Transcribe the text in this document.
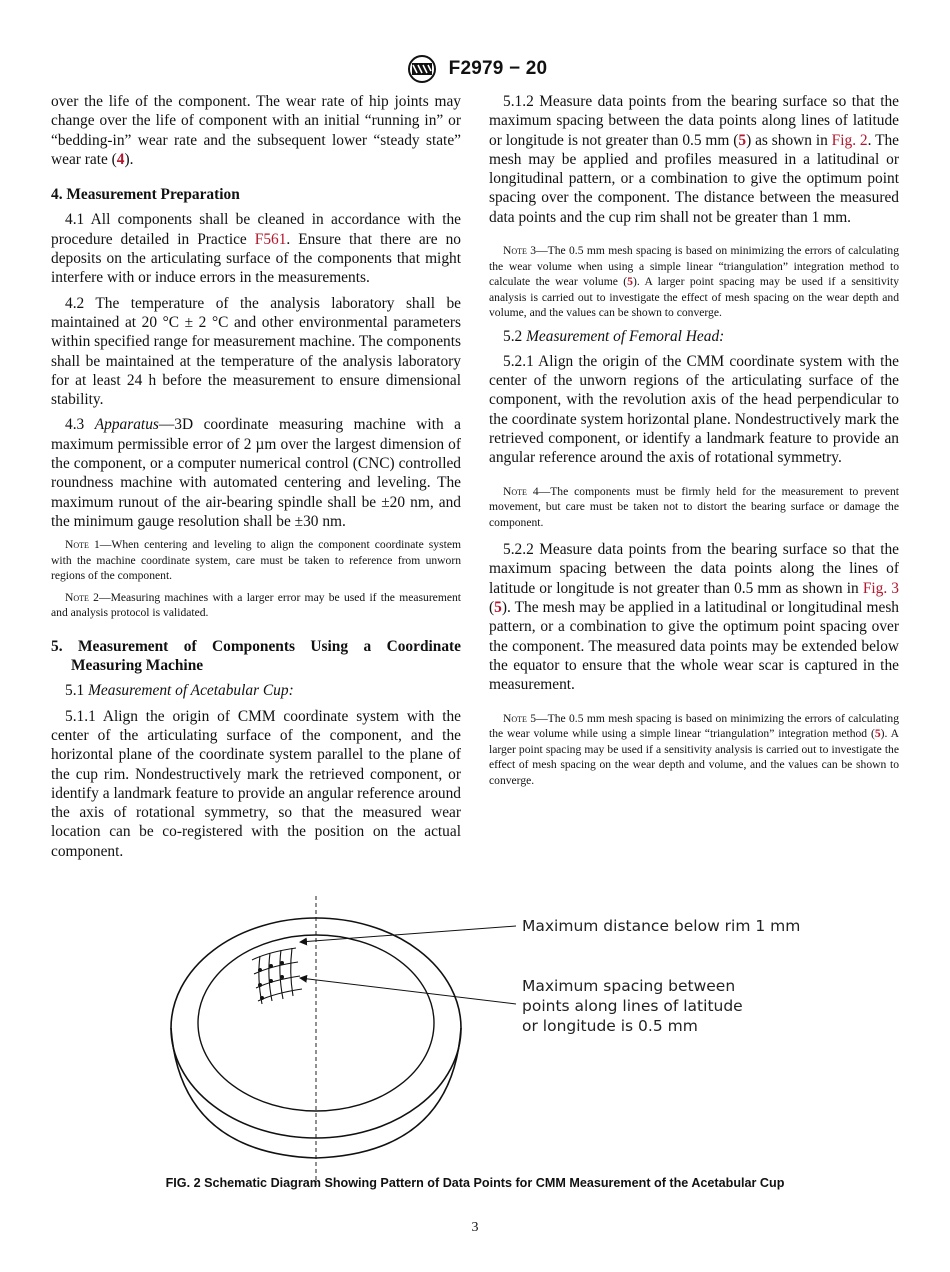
F2979 − 20

over the life of the component. The wear rate of hip joints may change over the life of component with an initial “running in” or “bedding-in” wear rate and the subsequent lower “steady state” wear rate (4).

4. Measurement Preparation

4.1 All components shall be cleaned in accordance with the procedure detailed in Practice F561. Ensure that there are no deposits on the articulating surface of the components that might interfere with or induce errors in the measurements.

4.2 The temperature of the analysis laboratory shall be maintained at 20 °C ± 2 °C and other environmental parameters within specified range for measurement machine. The components shall be maintained at the temperature of the analysis laboratory for at least 24 h before the measurement to ensure dimensional stability.

4.3 Apparatus—3D coordinate measuring machine with a maximum permissible error of 2 µm over the largest dimension of the component, or a computer numerical control (CNC) controlled roundness machine with automated centering and leveling. The maximum runout of the air-bearing spindle shall be ±20 nm, and the minimum gauge resolution shall be ±30 nm.

Note 1—When centering and leveling to align the component coordinate system with the machine coordinate system, care must be taken to reference from unworn regions of the component.

Note 2—Measuring machines with a larger error may be used if the measurement and analysis protocol is validated.

5. Measurement of Components Using a Coordinate Measuring Machine

5.1 Measurement of Acetabular Cup:

5.1.1 Align the origin of CMM coordinate system with the center of the articulating surface of the component, and the horizontal plane of the coordinate system parallel to the plane of the cup rim. Nondestructively mark the retrieved component, or identify a landmark feature to provide an angular reference around the axis of rotational symmetry, so that the measured wear location can be co-registered with the position on the actual component.

5.1.2 Measure data points from the bearing surface so that the maximum spacing between the data points along lines of latitude or longitude is not greater than 0.5 mm (5) as shown in Fig. 2. The mesh may be applied and profiles measured in a latitudinal or longitudinal pattern, or a combination to give the optimum point spacing over the component. The distance between the measured data points and the cup rim shall not be greater than 1 mm.

Note 3—The 0.5 mm mesh spacing is based on minimizing the errors of calculating the wear volume when using a simple linear “triangulation” integration method to calculate the wear volume (5). A larger point spacing may be used if a sensitivity analysis is carried out to investigate the effect of mesh spacing on the wear depth and volume, and the values can be shown to converge.

5.2 Measurement of Femoral Head:

5.2.1 Align the origin of the CMM coordinate system with the center of the unworn regions of the articulating surface of the component, with the revolution axis of the head perpendicular to the coordinate system horizontal plane. Nondestructively mark the retrieved component, or identify a landmark feature to provide an angular reference around the axis of rotational symmetry.

Note 4—The components must be firmly held for the measurement to prevent movement, but care must be taken not to distort the bearing surface or damage the component.

5.2.2 Measure data points from the bearing surface so that the maximum spacing between the data points along the lines of latitude or longitude is not greater than 0.5 mm as shown in Fig. 3 (5). The mesh may be applied in a latitudinal or longitudinal mesh pattern, or a combination to give the optimum point spacing over the component. The measured data points may be extended below the equator to ensure that the whole wear scar is captured in the measurement.

Note 5—The 0.5 mm mesh spacing is based on minimizing the errors of calculating the wear volume while using a simple linear “triangulation” integration method (5). A larger point spacing may be used if a sensitivity analysis is carried out to investigate the effect of mesh spacing on the wear depth and volume, and the values can be shown to converge.

Maximum distance below rim 1 mm
Maximum spacing between
points along lines of latitude
or longitude is 0.5 mm
FIG. 2 Schematic Diagram Showing Pattern of Data Points for CMM Measurement of the Acetabular Cup
3
